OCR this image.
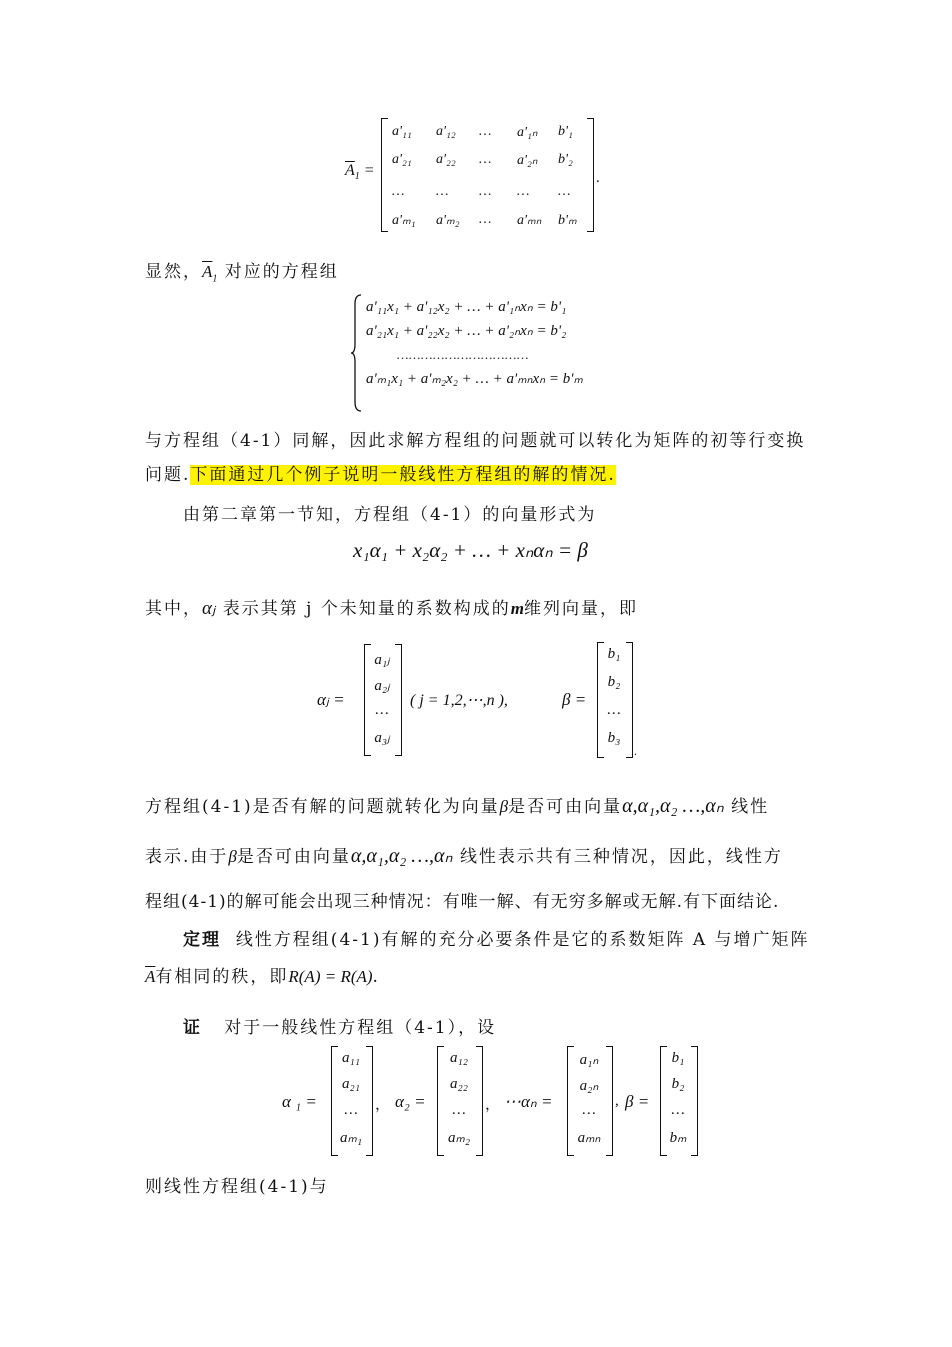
$\overline{A}_1$ =
a'₁₁ a'₁₂ … a'₁ₙ b'₁
a'₂₁ a'₂₂ … a'₂ₙ b'₂
… … … … …
a'ₘ₁ a'ₘ₂ … a'ₘₙ b'ₘ
.
显然，$\overline{A}_1$ 对应的方程组
a'₁₁x₁ + a'₁₂x₂ + … + a'₁ₙxₙ = b'₁
a'₂₁x₁ + a'₂₂x₂ + … + a'₂ₙxₙ = b'₂
……………………………
a'ₘ₁x₁ + a'ₘ₂x₂ + … + a'ₘₙxₙ = b'ₘ
与方程组（4-1）同解，因此求解方程组的问题就可以转化为矩阵的初等行变换
问题.下面通过几个例子说明一般线性方程组的解的情况.
由第二章第一节知，方程组（4-1）的向量形式为
x₁α₁ + x₂α₂ + … + xₙαₙ = β
其中，αⱼ 表示其第 j 个未知量的系数构成的m维列向量，即
αⱼ =
a₁ⱼ
a₂ⱼ
…
a₃ⱼ
( j = 1,2,⋯,n ),	β =
b₁
b₂
…
b₃
.
方程组(4-1)是否有解的问题就转化为向量β是否可由向量α,α₁,α₂ …,αₙ 线性
表示.由于β是否可由向量α,α₁,α₂ …,αₙ 线性表示共有三种情况，因此，线性方
程组(4-1)的解可能会出现三种情况：有唯一解、有无穷多解或无解.有下面结论.
定理 线性方程组(4-1)有解的充分必要条件是它的系数矩阵 A 与增广矩阵
$\overline{A}$有相同的秩，即R(A) = R(A).
证 对于一般线性方程组（4-1），设
α ₁ =
a₁₁
a₂₁
…
aₘ₁
， α₂ =
a₁₂
a₂₂
…
aₘ₂
， ⋯αₙ =
a₁ₙ
a₂ₙ
…
aₘₙ
, β =
b₁
b₂
…
bₘ
则线性方程组(4-1)与
